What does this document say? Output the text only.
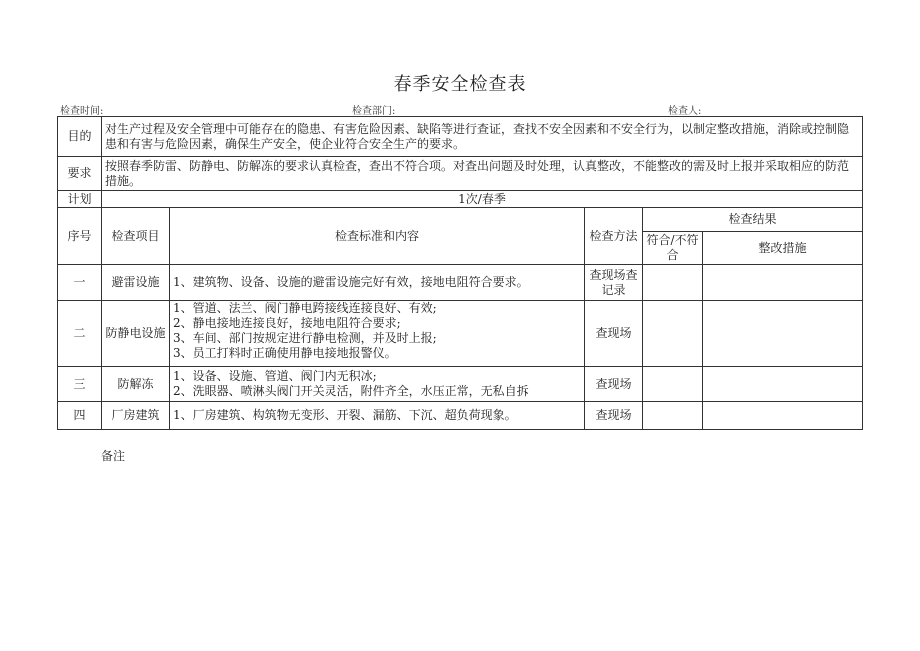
春季安全检查表
检查时间:	检查部门:	检查人:
目的	对生产过程及安全管理中可能存在的隐患、有害危险因素、缺陷等进行查证，查找不安全因素和不安全行为，以制定整改措施，消除或控制隐患和有害与危险因素，确保生产安全，使企业符合安全生产的要求。				
要求	按照春季防雷、防静电、防解冻的要求认真检查，查出不符合项。对查出问题及时处理，认真整改，不能整改的需及时上报并采取相应的防范措施。				
计划	1次/春季				
序号	检查项目	检查标准和内容	检查方法	检查结果	
				符合/不符合	整改措施
一	避雷设施	1、建筑物、设备、设施的避雷设施完好有效，接地电阻符合要求。	查现场查记录		
二	防静电设施	1、管道、法兰、阀门静电跨接线连接良好、有效;
2、静电接地连接良好，接地电阻符合要求;
3、车间、部门按规定进行静电检测，并及时上报;
3、员工打料时正确使用静电接地报警仪。	查现场		
三	防解冻	1、设备、设施、管道、阀门内无积冰;
2、洗眼器、喷淋头阀门开关灵活，附件齐全，水压正常，无私自拆	查现场		
四	厂房建筑	1、厂房建筑、构筑物无变形、开裂、漏筋、下沉、超负荷现象。	查现场		
备注
